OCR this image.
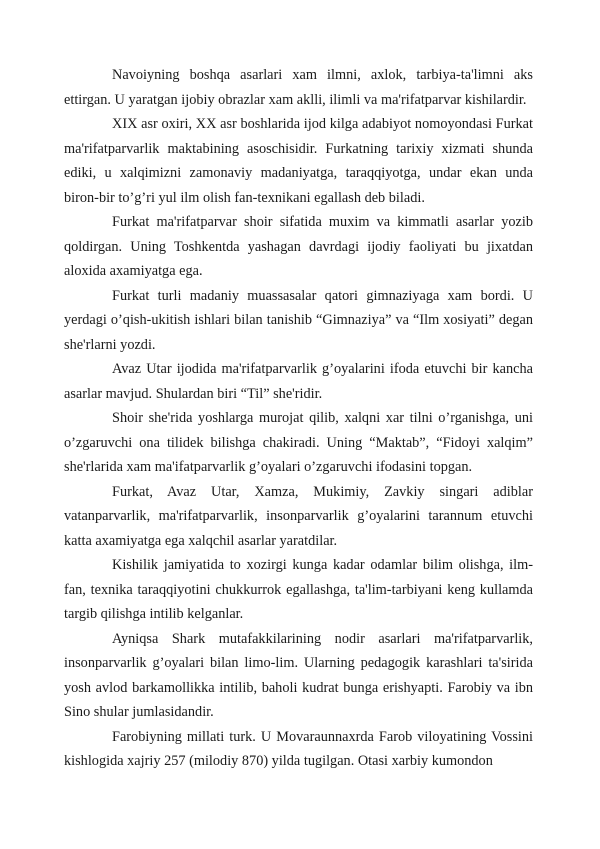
Navoiyning boshqa asarlari xam ilmni, axlok, tarbiya-ta'limni aks ettirgan. U yaratgan ijobiy obrazlar xam aklli, ilimli va ma'rifatparvar kishilardir.

XIX asr oxiri, XX asr boshlarida ijod kilga adabiyot nomoyondasi Furkat ma'rifatparvarlik maktabining asoschisidir. Furkatning tarixiy xizmati shunda ediki, u xalqimizni zamonaviy madaniyatga, taraqqiyotga, undar ekan unda biron-bir to’g’ri yul ilm olish fan-texnikani egallash deb biladi.

Furkat ma'rifatparvar shoir sifatida muxim va kimmatli asarlar yozib qoldirgan. Uning Toshkentda yashagan davrdagi ijodiy faoliyati bu jixatdan aloxida axamiyatga ega.

Furkat turli madaniy muassasalar qatori gimnaziyaga xam bordi. U yerdagi o’qish-ukitish ishlari bilan tanishib “Gimnaziya” va “Ilm xosiyati” degan she'rlarni yozdi.

Avaz Utar ijodida ma'rifatparvarlik g’oyalarini ifoda etuvchi bir kancha asarlar mavjud. Shulardan biri “Til” she'ridir.

Shoir she'rida yoshlarga murojat qilib, xalqni xar tilni o’rganishga, uni o’zgaruvchi ona tilidek bilishga chakiradi. Uning “Maktab”, “Fidoyi xalqim” she'rlarida xam ma'ifatparvarlik g’oyalari o’zgaruvchi ifodasini topgan.

Furkat, Avaz Utar, Xamza, Mukimiy, Zavkiy singari adiblar vatanparvarlik, ma'rifatparvarlik, insonparvarlik g’oyalarini tarannum etuvchi katta axamiyatga ega xalqchil asarlar yaratdilar.

Kishilik jamiyatida to xozirgi kunga kadar odamlar bilim olishga, ilm-fan, texnika taraqqiyotini chukkurrok egallashga, ta'lim-tarbiyani keng kullamda targib qilishga intilib kelganlar.

Ayniqsa Shark mutafakkilarining nodir asarlari ma'rifatparvarlik, insonparvarlik g’oyalari bilan limo-lim. Ularning pedagogik karashlari ta'sirida yosh avlod barkamollikka intilib, baholi kudrat bunga erishyapti. Farobiy va ibn Sino shular jumlasidandir.

Farobiyning millati turk. U Movaraunnaxrda Farob viloyatining Vossini kishlogida xajriy 257 (milodiy 870) yilda tugilgan. Otasi xarbiy kumondon
